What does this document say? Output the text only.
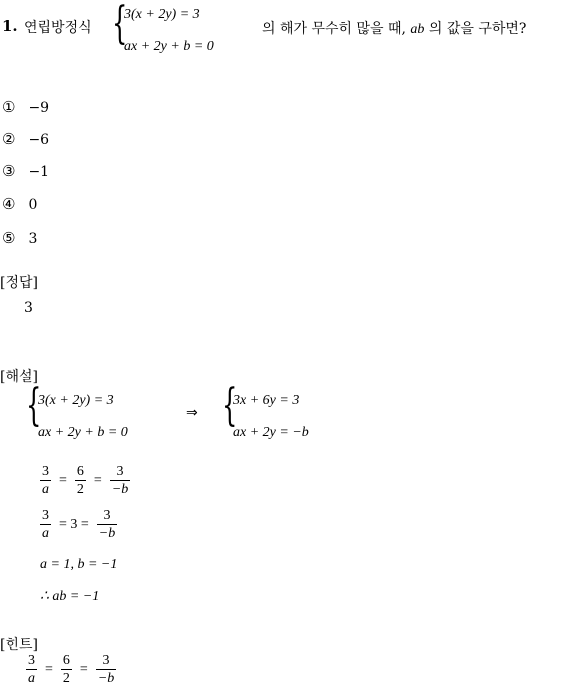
1. 연립방정식 {
3(x + 2y) = 3
ax + 2y + b = 0
의 해가 무수히 많을 때, ab 의 값을 구하면?
① −9
② −6
③ −1
④ 0
⑤ 3
[정답]
3
[해설]
{
3(x + 2y) = 3
ax + 2y + b = 0
⇒ {
3x + 6y = 3
ax + 2y = −b
$\frac{3}{a} = \frac{6}{2} = \frac{3}{-b}$
$\frac{3}{a} = 3 = \frac{3}{-b}$
a = 1, b = −1
∴ ab = −1
[힌트]
$\frac{3}{a} = \frac{6}{2} = \frac{3}{-b}$
